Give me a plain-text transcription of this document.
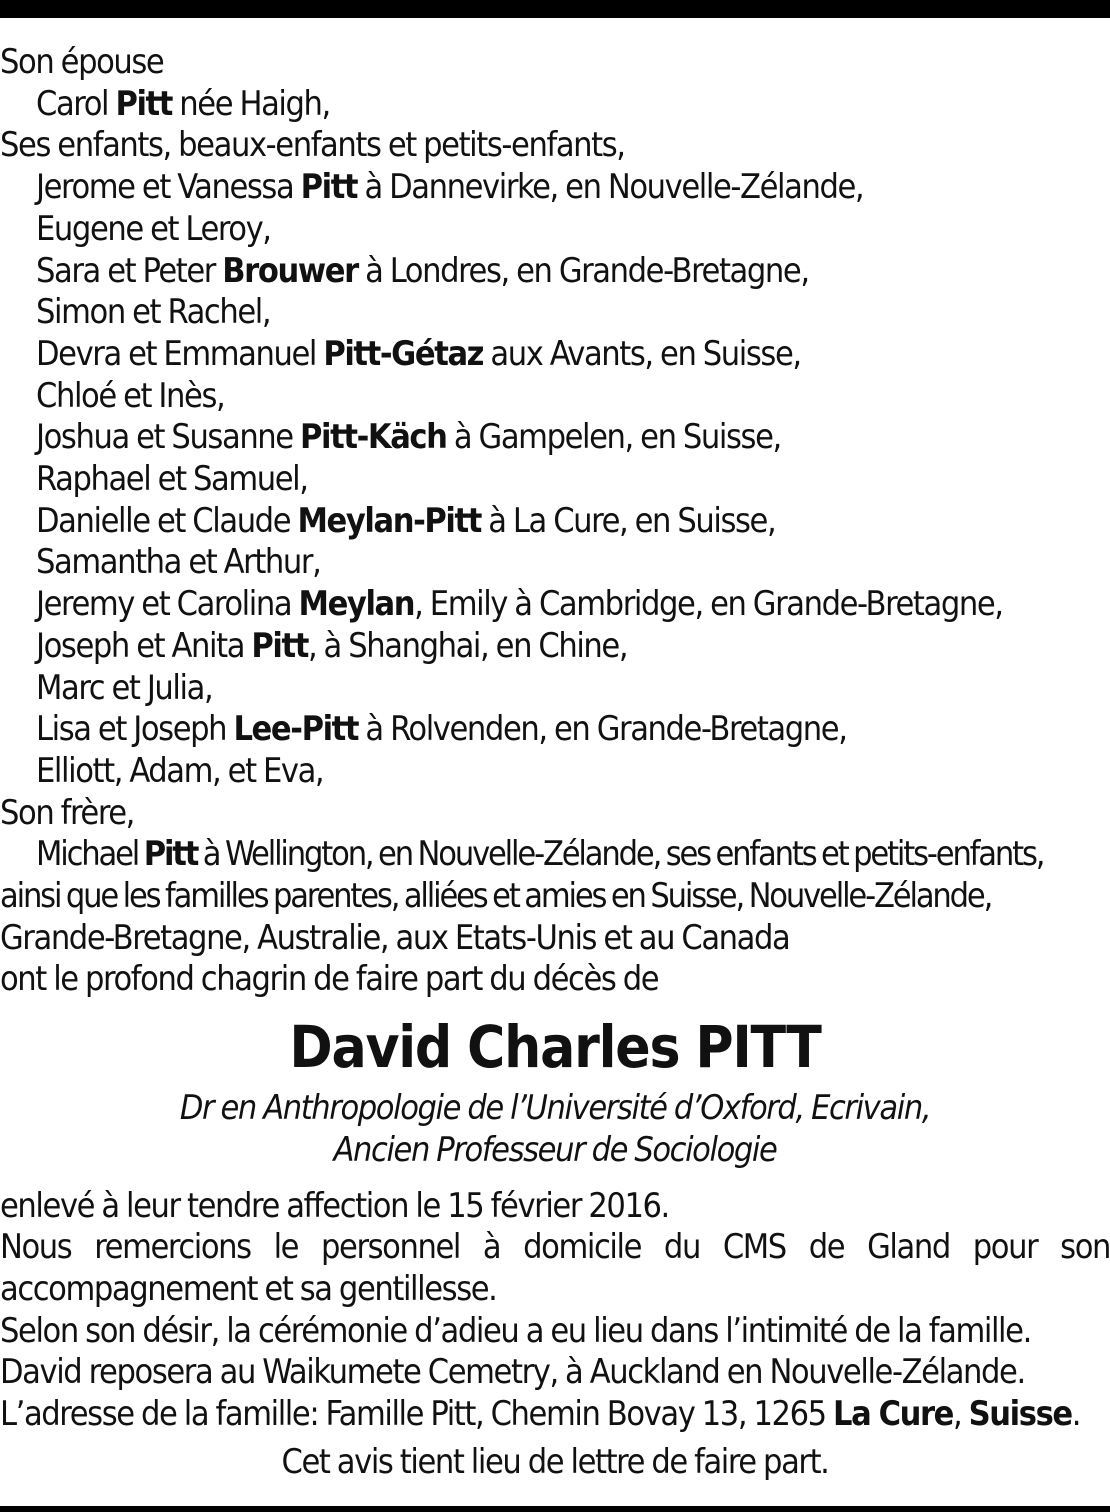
Son épouse
Carol Pitt née Haigh,
Ses enfants, beaux-enfants et petits-enfants,
Jerome et Vanessa Pitt à Dannevirke, en Nouvelle-Zélande,
Eugene et Leroy,
Sara et Peter Brouwer à Londres, en Grande-Bretagne,
Simon et Rachel,
Devra et Emmanuel Pitt-Gétaz aux Avants, en Suisse,
Chloé et Inès,
Joshua et Susanne Pitt-Käch à Gampelen, en Suisse,
Raphael et Samuel,
Danielle et Claude Meylan-Pitt à La Cure, en Suisse,
Samantha et Arthur,
Jeremy et Carolina Meylan, Emily à Cambridge, en Grande-Bretagne,
Joseph et Anita Pitt, à Shanghai, en Chine,
Marc et Julia,
Lisa et Joseph Lee-Pitt à Rolvenden, en Grande-Bretagne,
Elliott, Adam, et Eva,
Son frère,
Michael Pitt à Wellington, en Nouvelle-Zélande, ses enfants et petits-enfants,
ainsi que les familles parentes, alliées et amies en Suisse, Nouvelle-Zélande,
Grande-Bretagne, Australie, aux Etats-Unis et au Canada
ont le profond chagrin de faire part du décès de
David Charles PITT
Dr en Anthropologie de l’Université d’Oxford, Ecrivain,
Ancien Professeur de Sociologie
enlevé à leur tendre affection le 15 février 2016.
Nous remercions le personnel à domicile du CMS de Gland pour son accompagnement et sa gentillesse.
Selon son désir, la cérémonie d’adieu a eu lieu dans l’intimité de la famille.
David reposera au Waikumete Cemetry, à Auckland en Nouvelle-Zélande.
L’adresse de la famille: Famille Pitt, Chemin Bovay 13, 1265 La Cure, Suisse.
Cet avis tient lieu de lettre de faire part.
